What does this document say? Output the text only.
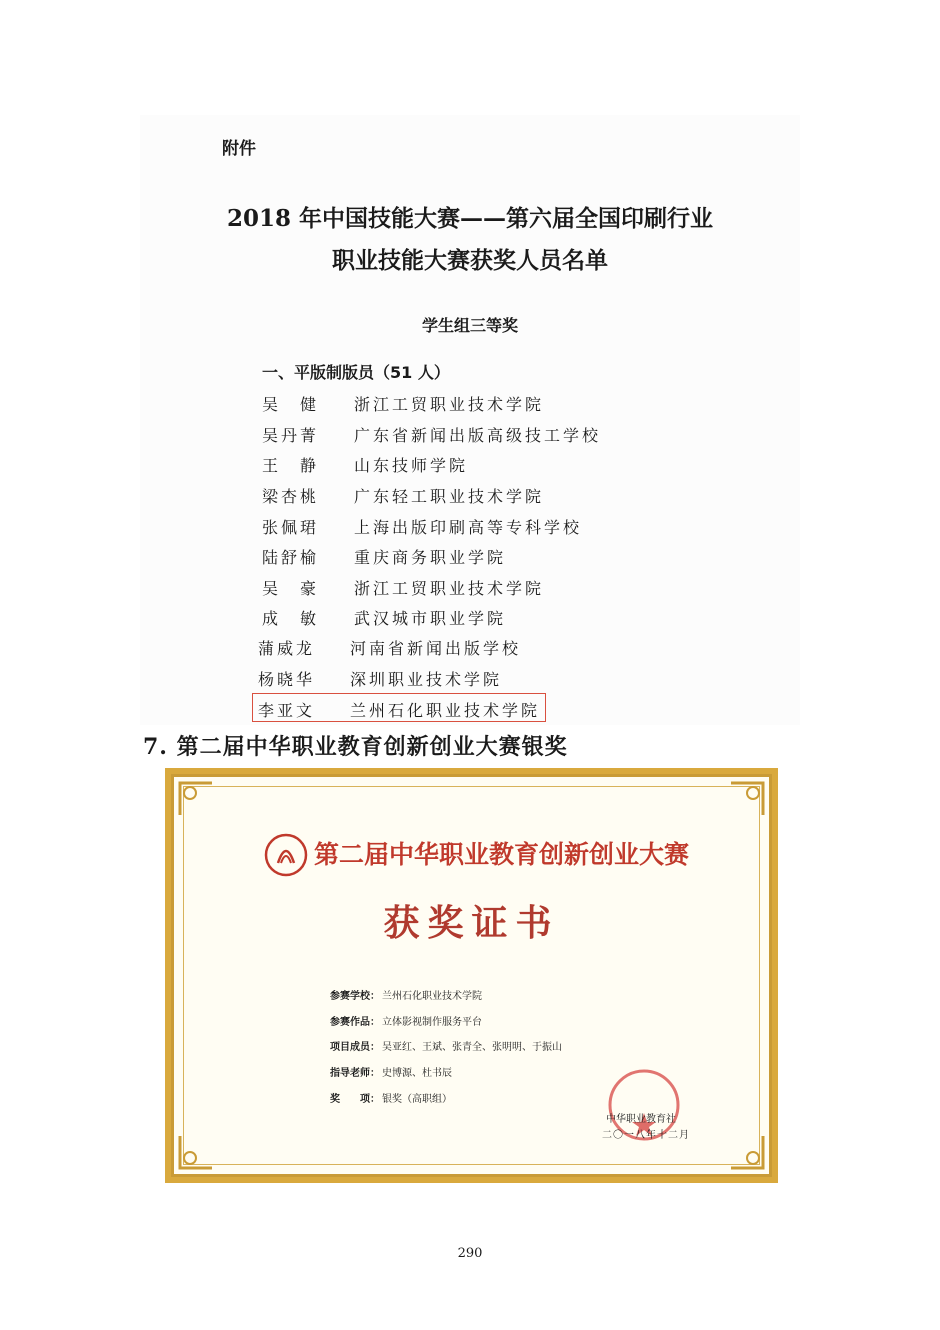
附件
2018 年中国技能大赛——第六届全国印刷行业
职业技能大赛获奖人员名单
学生组三等奖
一、平版制版员（51 人）
吴　健 浙江工贸职业技术学院
吴丹菁 广东省新闻出版高级技工学校
王　静 山东技师学院
梁杏桃 广东轻工职业技术学院
张佩珺 上海出版印刷高等专科学校
陆舒榆 重庆商务职业学院
吴　豪 浙江工贸职业技术学院
成　敏 武汉城市职业学院
蒲威龙 河南省新闻出版学校
杨晓华 深圳职业技术学院
李亚文 兰州石化职业技术学院
7. 第二届中华职业教育创新创业大赛银奖
第二届中华职业教育创新创业大赛
获奖证书
参赛学校： 兰州石化职业技术学院
参赛作品： 立体影视制作服务平台
项目成员： 吴亚红、王斌、张青全、张明明、于振山
指导老师： 史博源、杜书辰
奖　　项： 银奖（高职组）
中华职业教育社
二〇一八年十二月
290
